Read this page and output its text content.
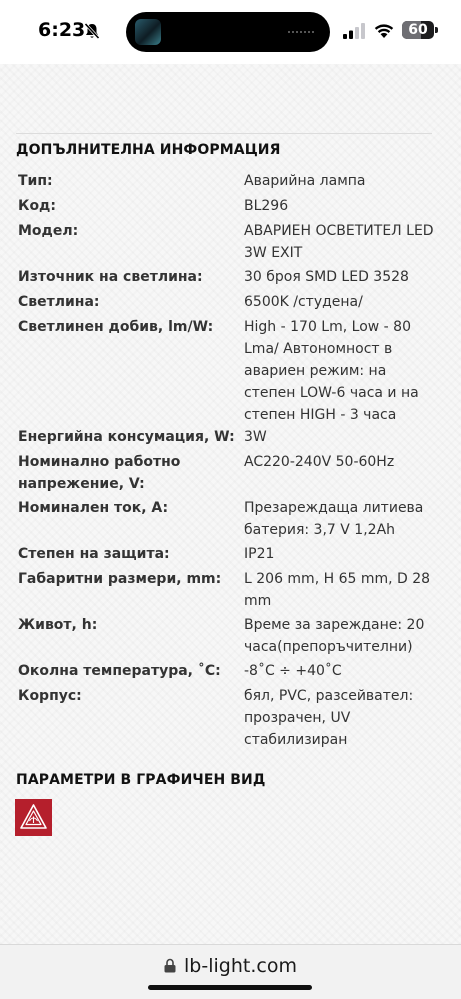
6:23	60
ДОПЪЛНИТЕЛНА ИНФОРМАЦИЯ
Тип:	Аварийна лампа
Код:	BL296
Модел:	АВАРИЕН ОСВЕТИТЕЛ LED 3W EXIT
Източник на светлина:	30 броя SMD LED 3528
Светлина:	6500K /студена/
Светлинен добив, lm/W:	High - 170 Lm, Low - 80 Lma/ Автономност в авариен режим: на степен LOW-6 часа и на степен HIGH - 3 часа
Енергийна консумация, W: 3W
Номинално работно напрежение, V:
AC220-240V 50-60Hz
Номинален ток, A:	Презареждаща литиева батерия: 3,7 V 1,2Ah
Степен на защита:	IP21
Габаритни размери, mm:	L 206 mm, H 65 mm, D 28 mm
Живот, h:	Време за зареждане: 20 часа(препоръчителни)
Околна температура, ˚C:	-8˚C ÷ +40˚C
Корпус:	бял, PVC, разсейвател: прозрачен, UV стабилизиран
ПАРАМЕТРИ В ГРАФИЧЕН ВИД
lb-light.com
